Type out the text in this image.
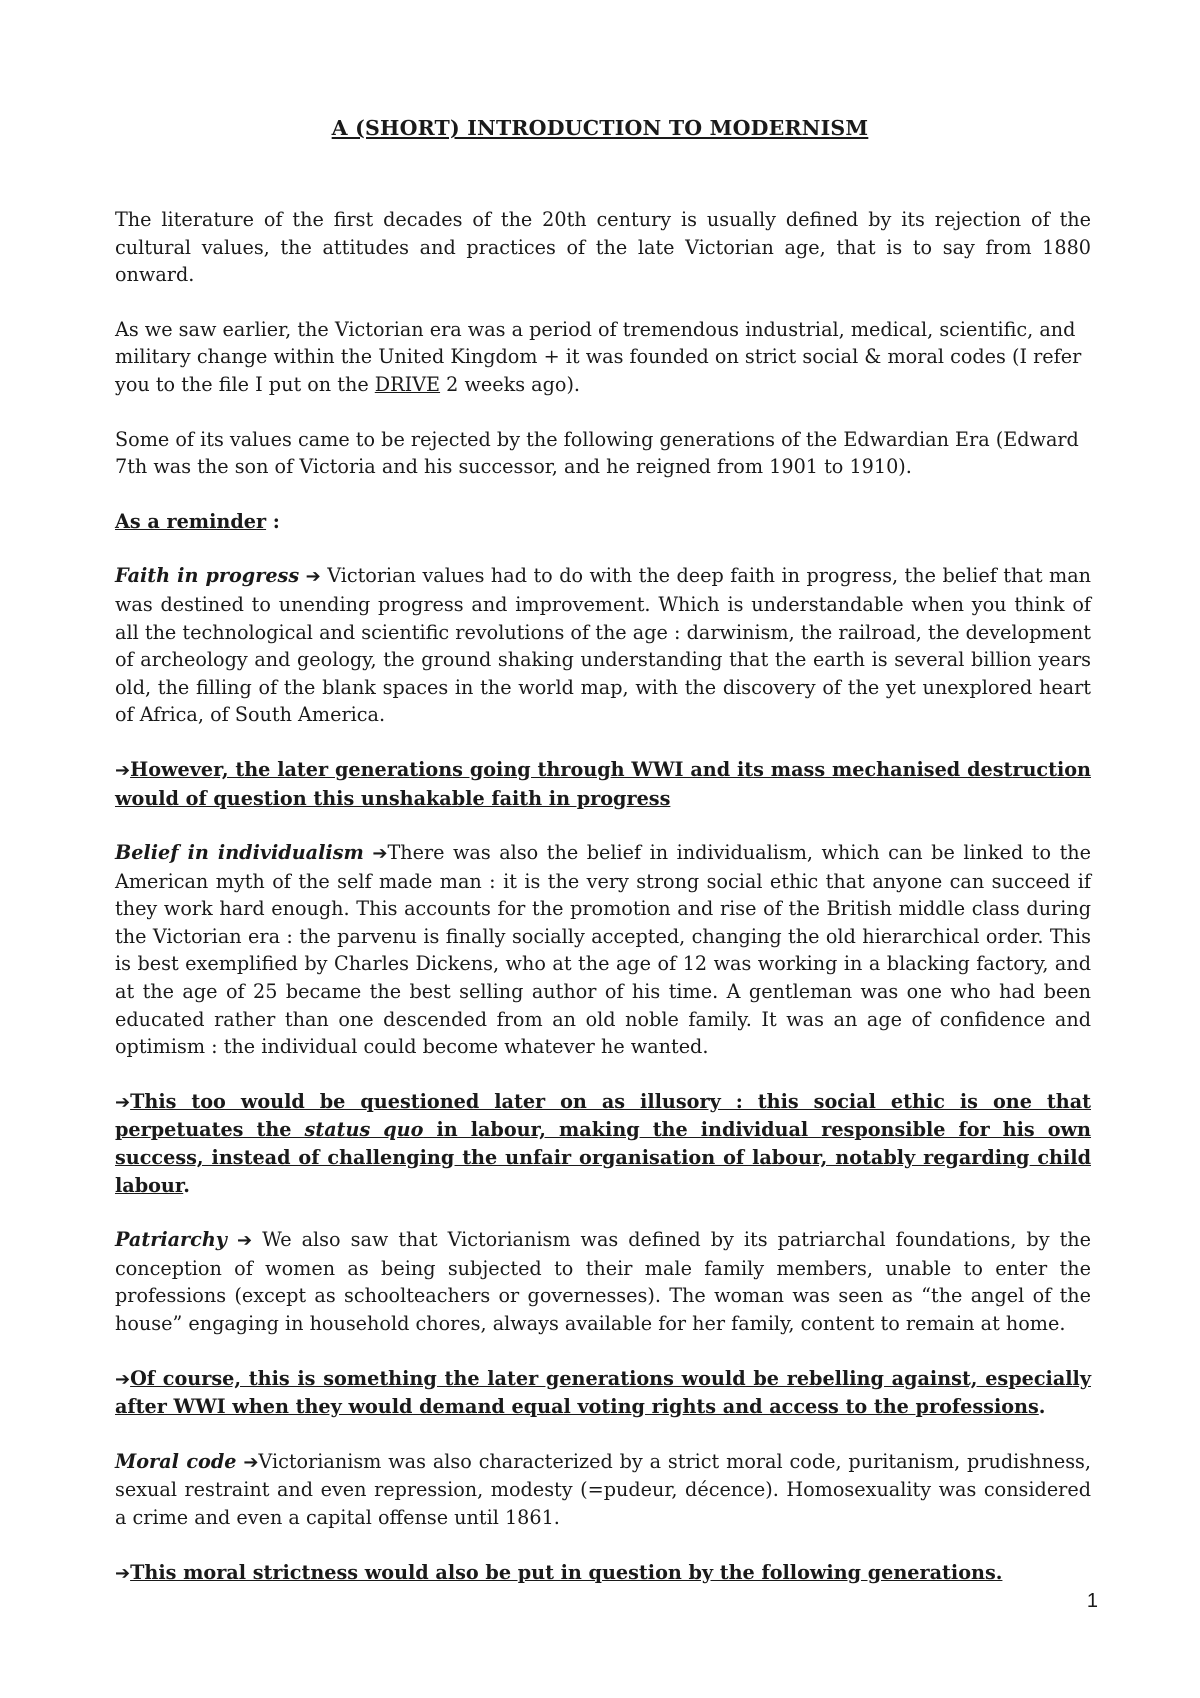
A (SHORT) INTRODUCTION TO MODERNISM

The literature of the first decades of the 20th century is usually defined by its rejection of the cultural values, the attitudes and practices of the late Victorian age, that is to say from 1880 onward.

As we saw earlier, the Victorian era was a period of tremendous industrial, medical, scientific, and military change within the United Kingdom + it was founded on strict social & moral codes (I refer you to the file I put on the DRIVE 2 weeks ago).

Some of its values came to be rejected by the following generations of the Edwardian Era (Edward 7th was the son of Victoria and his successor, and he reigned from 1901 to 1910).

As a reminder :

Faith in progress ➔ Victorian values had to do with the deep faith in progress, the belief that man was destined to unending progress and improvement. Which is understandable when you think of all the technological and scientific revolutions of the age : darwinism, the railroad, the development of archeology and geology, the ground shaking understanding that the earth is several billion years old, the filling of the blank spaces in the world map, with the discovery of the yet unexplored heart of Africa, of South America.

➔However, the later generations going through WWI and its mass mechanised destruction would of question this unshakable faith in progress

Belief in individualism ➔There was also the belief in individualism, which can be linked to the American myth of the self made man : it is the very strong social ethic that anyone can succeed if they work hard enough. This accounts for the promotion and rise of the British middle class during the Victorian era : the parvenu is finally socially accepted, changing the old hierarchical order. This is best exemplified by Charles Dickens, who at the age of 12 was working in a blacking factory, and at the age of 25 became the best selling author of his time. A gentleman was one who had been educated rather than one descended from an old noble family. It was an age of confidence and optimism : the individual could become whatever he wanted.

➔This too would be questioned later on as illusory : this social ethic is one that perpetuates the status quo in labour, making the individual responsible for his own success, instead of challenging the unfair organisation of labour, notably regarding child labour.

Patriarchy ➔ We also saw that Victorianism was defined by its patriarchal foundations, by the conception of women as being subjected to their male family members, unable to enter the professions (except as schoolteachers or governesses). The woman was seen as “the angel of the house” engaging in household chores, always available for her family, content to remain at home.

➔Of course, this is something the later generations would be rebelling against, especially after WWI when they would demand equal voting rights and access to the professions.

Moral code ➔Victorianism was also characterized by a strict moral code, puritanism, prudishness, sexual restraint and even repression, modesty (=pudeur, décence). Homosexuality was considered a crime and even a capital offense until 1861.

➔This moral strictness would also be put in question by the following generations.

1
